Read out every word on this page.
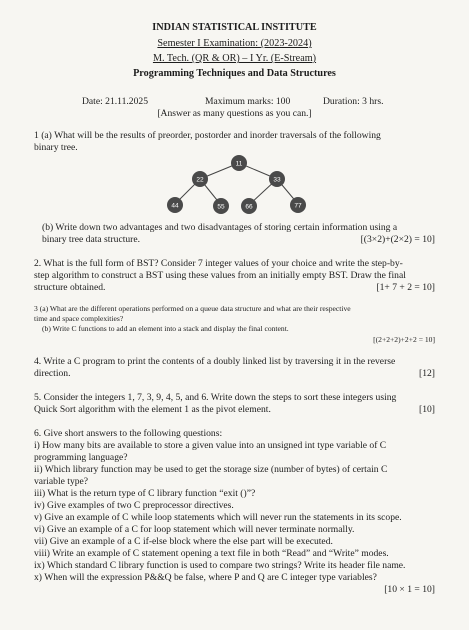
INDIAN STATISTICAL INSTITUTE
Semester I Examination: (2023-2024)
M. Tech. (QR & OR) – I Yr. (E-Stream)
Programming Techniques and Data Structures
Date: 21.11.2025	Maximum marks: 100	Duration: 3 hrs.
[Answer as many questions as you can.]
1 (a) What will be the results of preorder, postorder and inorder traversals of the following
binary tree.
11
22	33
44	55	66	77
(b) Write down two advantages and two disadvantages of storing certain information using a
binary tree data structure.	[(3×2)+(2×2) = 10]
2. What is the full form of BST? Consider 7 integer values of your choice and write the step-by-
step algorithm to construct a BST using these values from an initially empty BST. Draw the final
structure obtained.	[1+ 7 + 2 = 10]
3 (a) What are the different operations performed on a queue data structure and what are their respective
time and space complexities?
(b) Write C functions to add an element into a stack and display the final content.
[(2+2+2)+2+2 = 10]
4. Write a C program to print the contents of a doubly linked list by traversing it in the reverse
direction.	[12]
5. Consider the integers 1, 7, 3, 9, 4, 5, and 6. Write down the steps to sort these integers using
Quick Sort algorithm with the element 1 as the pivot element.	[10]
6. Give short answers to the following questions:
i) How many bits are available to store a given value into an unsigned int type variable of C
programming language?
ii) Which library function may be used to get the storage size (number of bytes) of certain C
variable type?
iii) What is the return type of C library function “exit ()”?
iv) Give examples of two C preprocessor directives.
v) Give an example of C while loop statements which will never run the statements in its scope.
vi) Give an example of a C for loop statement which will never terminate normally.
vii) Give an example of a C if-else block where the else part will be executed.
viii) Write an example of C statement opening a text file in both “Read” and “Write” modes.
ix) Which standard C library function is used to compare two strings? Write its header file name.
x) When will the expression P&&Q be false, where P and Q are C integer type variables?
[10 × 1 = 10]
